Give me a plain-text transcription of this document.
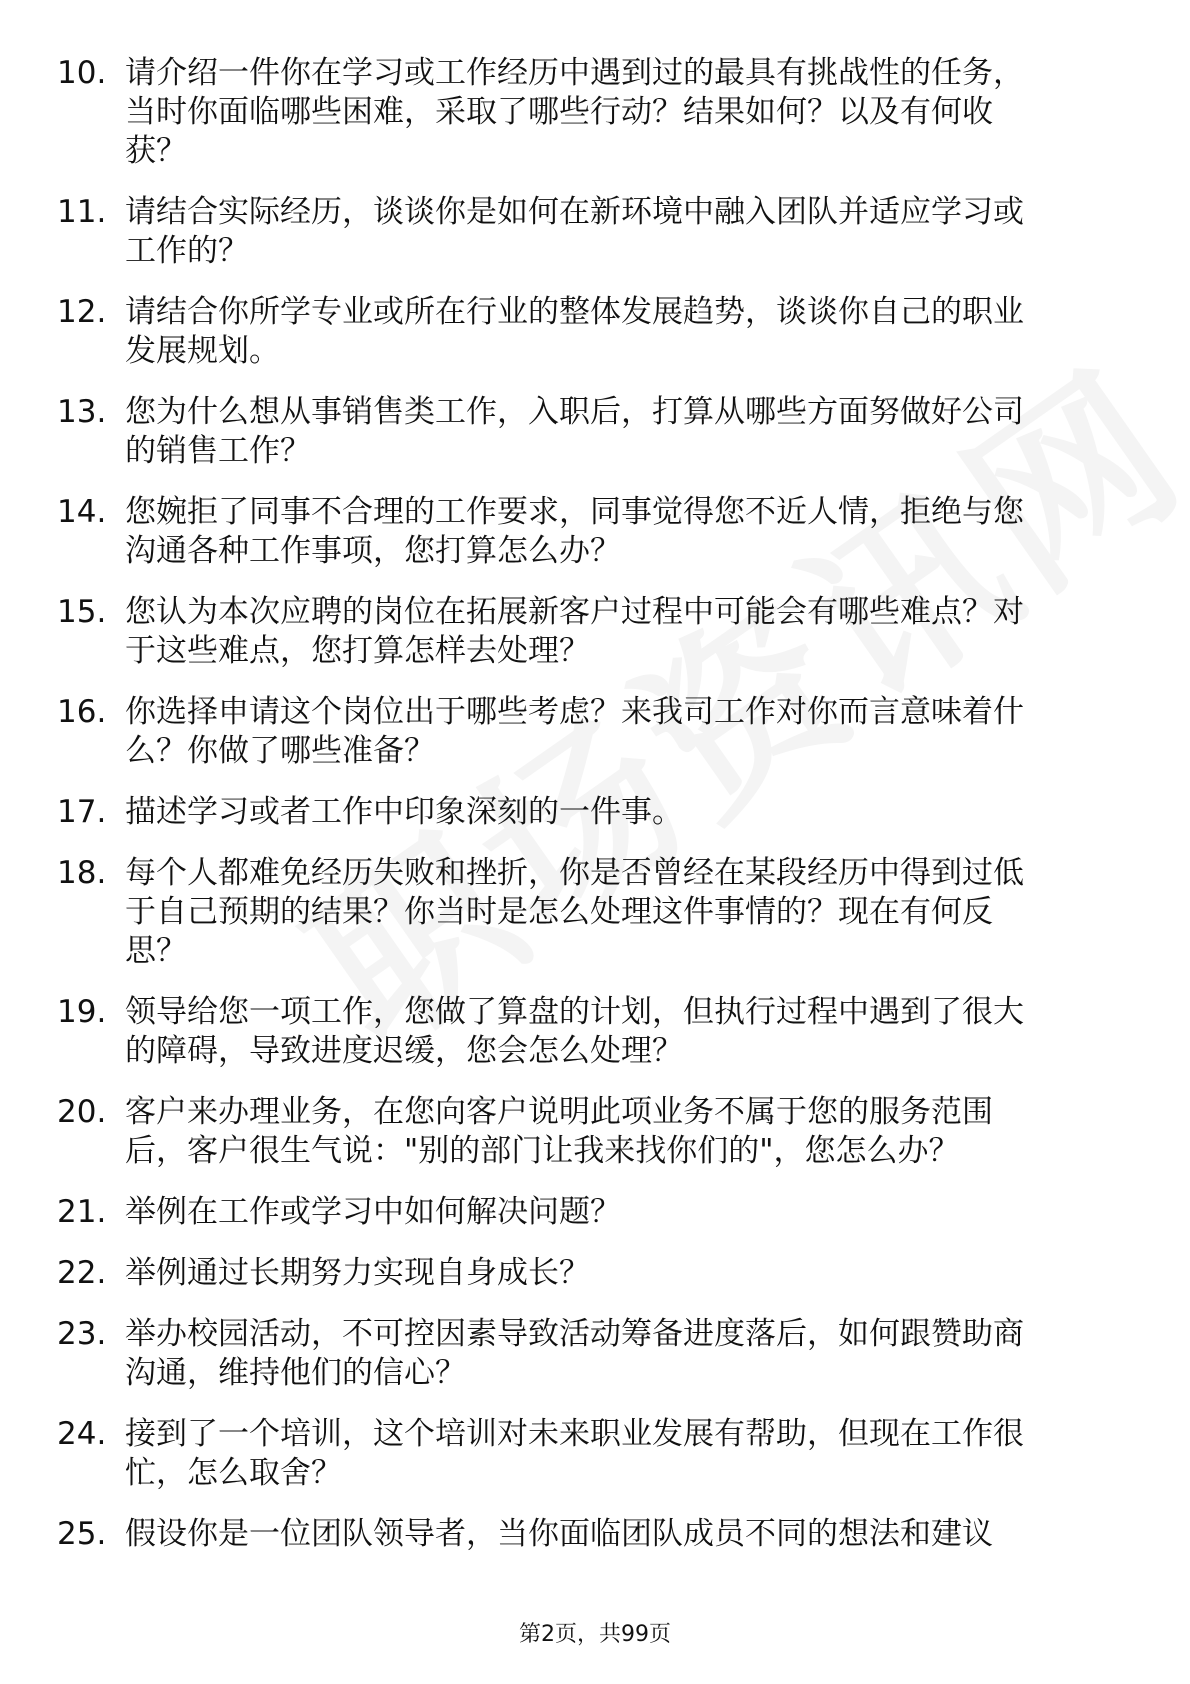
10. 请介绍一件你在学习或工作经历中遇到过的最具有挑战性的任务，当时你面临哪些困难，采取了哪些行动？结果如何？以及有何收获？
11. 请结合实际经历，谈谈你是如何在新环境中融入团队并适应学习或工作的？
12. 请结合你所学专业或所在行业的整体发展趋势，谈谈你自己的职业发展规划。
13. 您为什么想从事销售类工作，入职后，打算从哪些方面努做好公司的销售工作？
14. 您婉拒了同事不合理的工作要求，同事觉得您不近人情，拒绝与您沟通各种工作事项，您打算怎么办？
15. 您认为本次应聘的岗位在拓展新客户过程中可能会有哪些难点？对于这些难点，您打算怎样去处理？
16. 你选择申请这个岗位出于哪些考虑？来我司工作对你而言意味着什么？你做了哪些准备？
17. 描述学习或者工作中印象深刻的一件事。
18. 每个人都难免经历失败和挫折，你是否曾经在某段经历中得到过低于自己预期的结果？你当时是怎么处理这件事情的？现在有何反思？
19. 领导给您一项工作，您做了算盘的计划，但执行过程中遇到了很大的障碍，导致进度迟缓，您会怎么处理？
20. 客户来办理业务，在您向客户说明此项业务不属于您的服务范围后，客户很生气说："别的部门让我来找你们的"，您怎么办？
21. 举例在工作或学习中如何解决问题？
22. 举例通过长期努力实现自身成长？
23. 举办校园活动，不可控因素导致活动筹备进度落后，如何跟赞助商沟通，维持他们的信心？
24. 接到了一个培训，这个培训对未来职业发展有帮助，但现在工作很忙，怎么取舍？
25. 假设你是一位团队领导者，当你面临团队成员不同的想法和建议
第2页，共99页
